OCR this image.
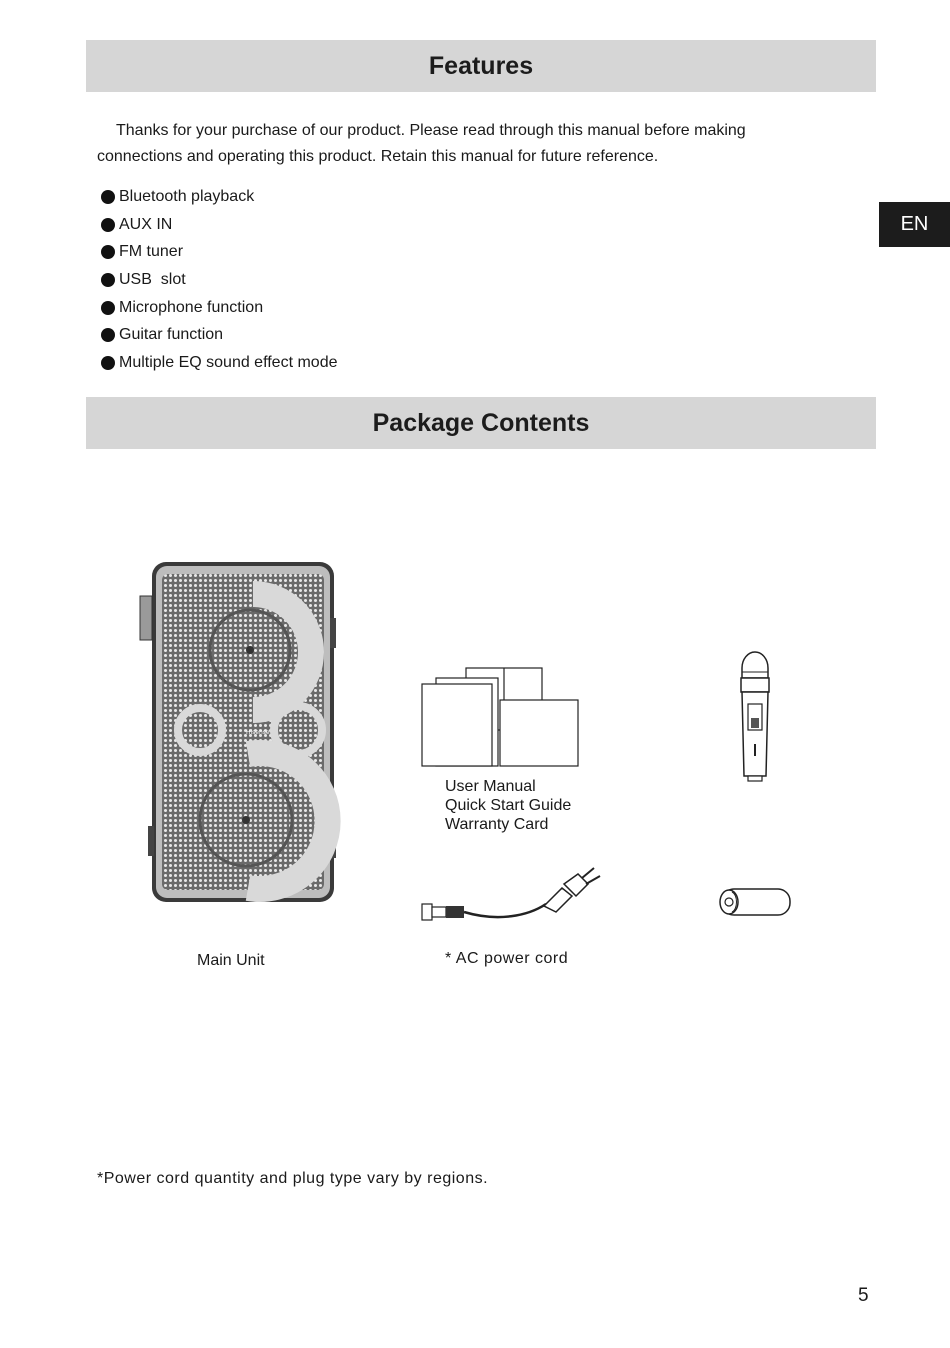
Features
Thanks for your purchase of our product. Please read through this manual before making connections and operating this product. Retain this manual for future reference.
Bluetooth playback
AUX IN
FM tuner
USB  slot
Microphone function
Guitar function
Multiple EQ sound effect mode
EN
Package Contents
Hisense
Main Unit
User Manual
Quick Start Guide
Warranty Card
* AC power cord
*Power cord quantity and plug type vary by regions.
5
